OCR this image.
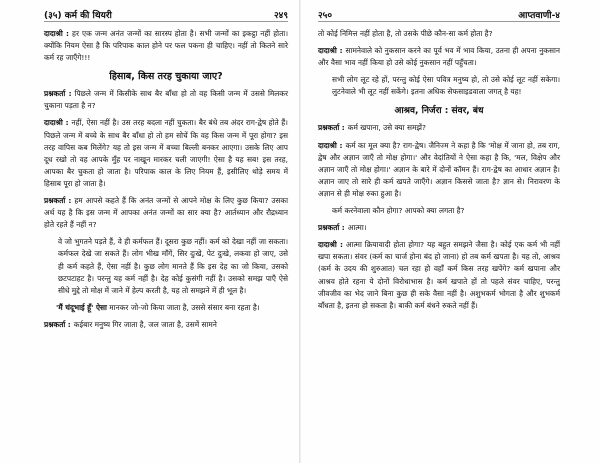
(३५) कर्म की थियरी	२४९

दादाश्री : हर एक जन्म अनंत जन्मों का सारस्प होता है। सभी जन्मों का इकट्ठा नहीं होता। क्योंकि नियम ऐसा है कि परिपाक काल होने पर फल पकना ही चाहिए। नहीं तो कितने सारे कर्म रह जाएँगे!!!

हिसाब, किस तरह चुकाया जाए?

प्रश्नकर्ता : पिछले जन्म में किसीके साथ बैर बाँधा हो तो वह किसी जन्म में उससे मिलकर चुकाना पड़ता है न?

दादाश्री : नहीं, ऐसा नहीं है। उस तरह बदला नहीं चुकता। बैर बंधे तब अंदर राग-द्वेष होते हैं। पिछले जन्म में बच्चे के साथ बैर बाँधा हो तो हम सोचें कि वह किस जन्म में पूरा होगा? इस तरह वापिस कब मिलेंगे? यह तो इस जन्म में बच्चा बिल्ली बनकर आएगा। उसके लिए आप दूध रखो तो वह आपके मुँह पर नाखून मारकर चली जाएगी! ऐसा है यह सब! इस तरह, आपका बैर चुकता हो जाता है। परिपाक काल के लिए नियम हैं, इसीलिए थोड़े समय में हिसाब पूरा हो जाता है।

प्रश्नकर्ता : हम आपसे कहते हैं कि अनंत जन्मों से आपने मोक्ष के लिए कुछ किया? उसका अर्थ यह है कि इस जन्म में आपका अनंत जन्मों का सार क्या है? आर्तध्यान और रौद्रध्यान होते रहते हैं नहीं न?

वे जो भुगतने पड़ते हैं, वे ही कर्मफल हैं। दूसरा कुछ नहीं। कर्म को देखा नहीं जा सकता। कर्मफल देखे जा सकते हैं। लोग भीख माँगें, सिर दुःखे, पेट दुःखे, लकवा हो जाए, उसे ही कर्म कहते हैं, ऐसा नहीं है। कुछ लोग मानते हैं कि इस देह का जो किया, उसको छटपटाहट है। परन्तु यह कर्म नहीं है। देह कोई कुसंगी नहीं है। उसको समझ पाएँ ऐसे सीधे मुद्दे तो मोक्ष में जाने में हेल्प करती है, यह तो समझने में ही भूल है।

'मैं चंदूभाई हूँ' ऐसा मानकर जो-जो किया जाता है, उससे संसार बना रहता है।

प्रश्नकर्ता : कईबार मनुष्य गिर जाता है, जल जाता है, उसमें सामने

२५०	आप्तवाणी-४

तो कोई निमित्त नहीं होता है, तो उसके पीछे कौन-सा कर्म होता है?

दादाश्री : सामनेवाले को नुकसान करने का पूर्व भव में भाव किया, उतना ही अपना नुकसान और वैसा भाव नहीं किया हो उसे कोई नुकसान नहीं पहुँचता।

सभी लोग लूट रहे हों, परन्तु कोई ऐसा पवित्र मनुष्य हो, तो उसे कोई लूट नहीं सकेगा। लुटनेवाले भी लूट नहीं सकेंगे। इतना अधिक सेफसाइडवाला जगत् है यह!

आश्रव, निर्जरा : संवर, बंध

प्रश्नकर्ता : कर्म खपाना, उसे क्या समझें?

दादाश्री : कर्म का मूल क्या है? राग-द्वेष। जैनिज्म ने कहा है कि 'मोक्ष में जाना हो, तब राग, द्वेष और अज्ञान जाएँ तो मोक्ष होगा।' और वेदांतियों ने ऐसा कहा है कि, 'मल, विक्षेप और अज्ञान जाएँ तो मोक्ष होगा।' अज्ञान के बारे में दोनों कॉमन हैं। राग-द्वेष का आधार अज्ञान है। अज्ञान जाए तो सारे ही कर्म खपते जाएँगे। अज्ञान किससे जाता है? ज्ञान से। निरावरण के अज्ञान से ही मोक्ष रुका हुआ है।

कर्म करनेवाला कौन होगा? आपको क्या लगता है?

प्रश्नकर्ता : आत्मा।

दादाश्री : आत्मा क्रियावादी होता होगा? यह बहुत समझने जैसा है। कोई एक कर्म भी नहीं खपा सकता। संवर (कर्म का चार्ज होना बंद हो जाना) हो तब कर्म खपता है। यह तो, आश्रव (कर्म के उदय की शुरुआत) चल रहा हो वहाँ कर्म किस तरह खपेंगे? कर्म खपाना और आश्रव होते रहना ये दोनों विरोधाभास है। कर्म खपाते हों तो पहले संवर चाहिए, परन्तु जीवजीव का भेद जाने बिना कुछ ही सके वैसा नहीं है। अशुभकर्म भोगता है और शुभकर्म बाँधता है, इतना हो सकता है। बाकी कर्म बंधने रुकते नहीं हैं।
